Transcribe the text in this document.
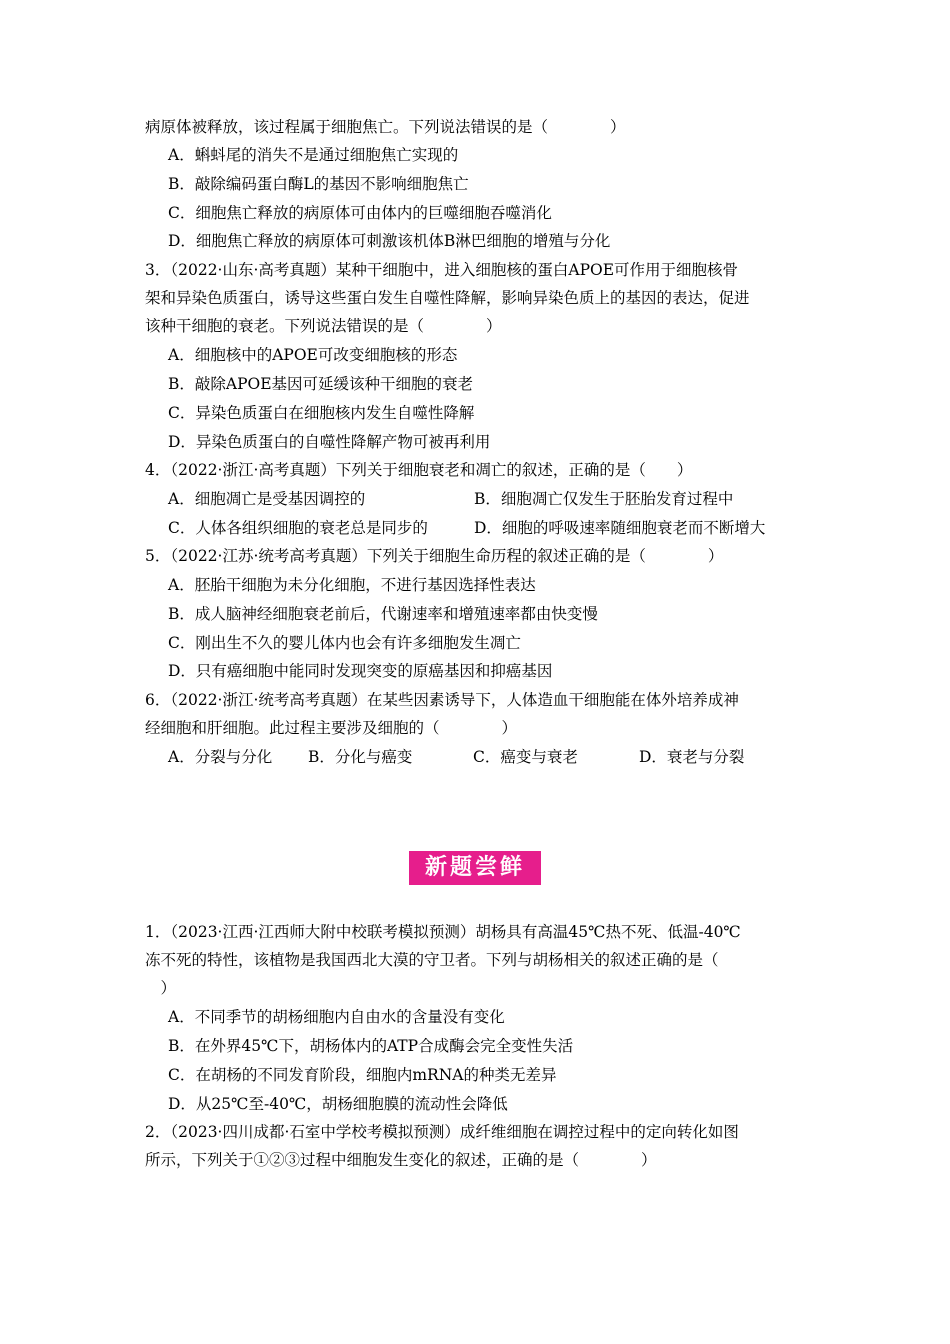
病原体被释放，该过程属于细胞焦亡。下列说法错误的是（　　　　）
A．蝌蚪尾的消失不是通过细胞焦亡实现的
B．敲除编码蛋白酶L的基因不影响细胞焦亡
C．细胞焦亡释放的病原体可由体内的巨噬细胞吞噬消化
D．细胞焦亡释放的病原体可刺激该机体B淋巴细胞的增殖与分化
3．（2022·山东·高考真题）某种干细胞中，进入细胞核的蛋白APOE可作用于细胞核骨
架和异染色质蛋白，诱导这些蛋白发生自噬性降解，影响异染色质上的基因的表达，促进
该种干细胞的衰老。下列说法错误的是（　　　　）
A．细胞核中的APOE可改变细胞核的形态
B．敲除APOE基因可延缓该种干细胞的衰老
C．异染色质蛋白在细胞核内发生自噬性降解
D．异染色质蛋白的自噬性降解产物可被再利用
4．（2022·浙江·高考真题）下列关于细胞衰老和凋亡的叙述，正确的是（　　）
A．细胞凋亡是受基因调控的	B．细胞凋亡仅发生于胚胎发育过程中
C．人体各组织细胞的衰老总是同步的	D．细胞的呼吸速率随细胞衰老而不断增大
5．（2022·江苏·统考高考真题）下列关于细胞生命历程的叙述正确的是（　　　　）
A．胚胎干细胞为未分化细胞，不进行基因选择性表达
B．成人脑神经细胞衰老前后，代谢速率和增殖速率都由快变慢
C．刚出生不久的婴儿体内也会有许多细胞发生凋亡
D．只有癌细胞中能同时发现突变的原癌基因和抑癌基因
6．（2022·浙江·统考高考真题）在某些因素诱导下，人体造血干细胞能在体外培养成神
经细胞和肝细胞。此过程主要涉及细胞的（　　　　）
A．分裂与分化 B．分化与癌变	C．癌变与衰老	D．衰老与分裂
新题尝鲜
1．（2023·江西·江西师大附中校联考模拟预测）胡杨具有高温45℃热不死、低温-40℃
冻不死的特性，该植物是我国西北大漠的守卫者。下列与胡杨相关的叙述正确的是（
　）
A．不同季节的胡杨细胞内自由水的含量没有变化
B．在外界45℃下，胡杨体内的ATP合成酶会完全变性失活
C．在胡杨的不同发育阶段，细胞内mRNA的种类无差异
D．从25℃至-40℃，胡杨细胞膜的流动性会降低
2．（2023·四川成都·石室中学校考模拟预测）成纤维细胞在调控过程中的定向转化如图
所示，下列关于①②③过程中细胞发生变化的叙述，正确的是（　　　　）
